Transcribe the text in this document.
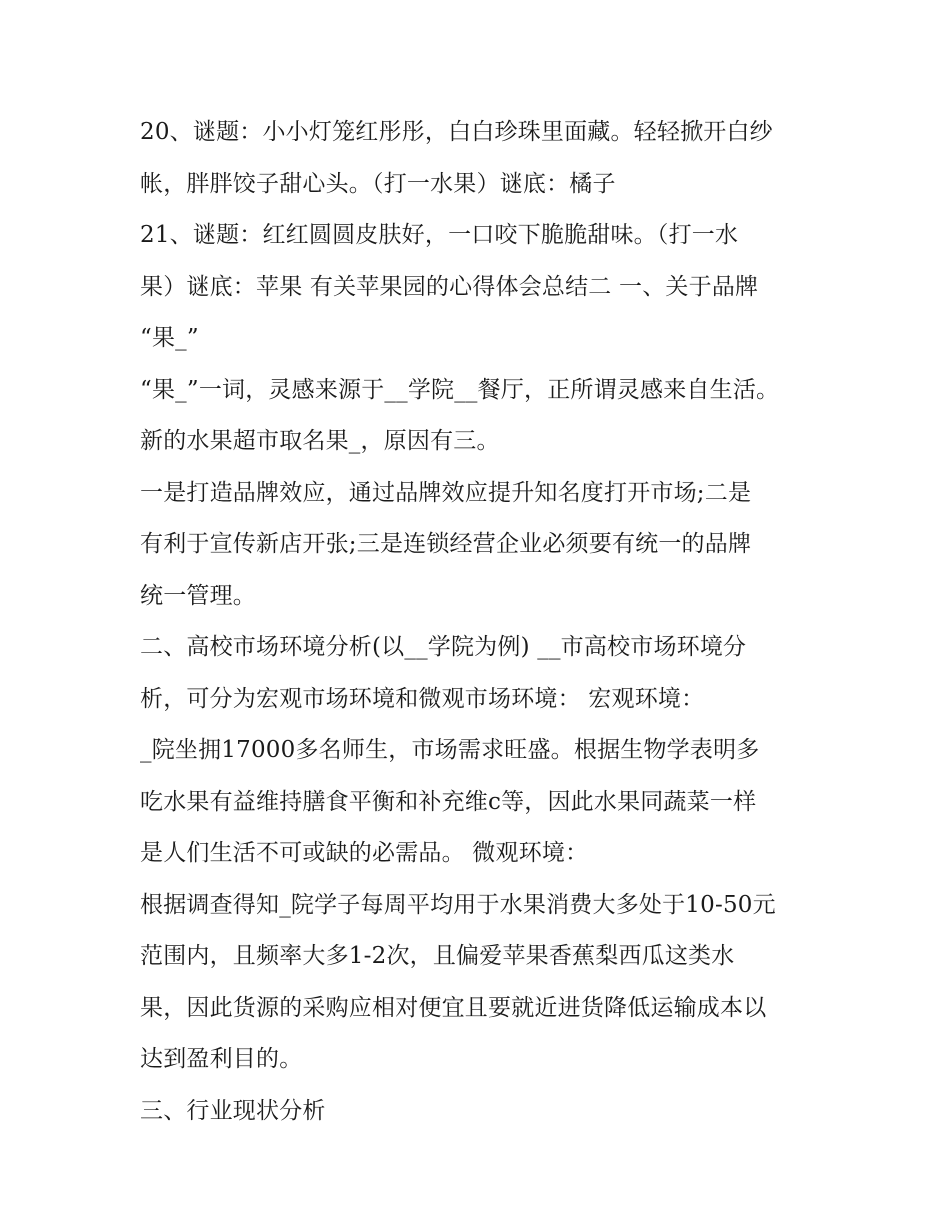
20、谜题：小小灯笼红彤彤，白白珍珠里面藏。轻轻掀开白纱
帐，胖胖饺子甜心头。（打一水果）谜底：橘子
21、谜题：红红圆圆皮肤好，一口咬下脆脆甜味。（打一水
果）谜底：苹果 有关苹果园的心得体会总结二 一、关于品牌
“果_”
“果_”一词，灵感来源于__学院__餐厅，正所谓灵感来自生活。
新的水果超市取名果_，原因有三。
一是打造品牌效应，通过品牌效应提升知名度打开市场;二是
有利于宣传新店开张;三是连锁经营企业必须要有统一的品牌
统一管理。
二、高校市场环境分析(以__学院为例) __市高校市场环境分
析，可分为宏观市场环境和微观市场环境： 宏观环境：
_院坐拥17000多名师生，市场需求旺盛。根据生物学表明多
吃水果有益维持膳食平衡和补充维c等，因此水果同蔬菜一样
是人们生活不可或缺的必需品。 微观环境：
根据调查得知_院学子每周平均用于水果消费大多处于10-50元
范围内，且频率大多1-2次，且偏爱苹果香蕉梨西瓜这类水
果，因此货源的采购应相对便宜且要就近进货降低运输成本以
达到盈利目的。
三、行业现状分析
